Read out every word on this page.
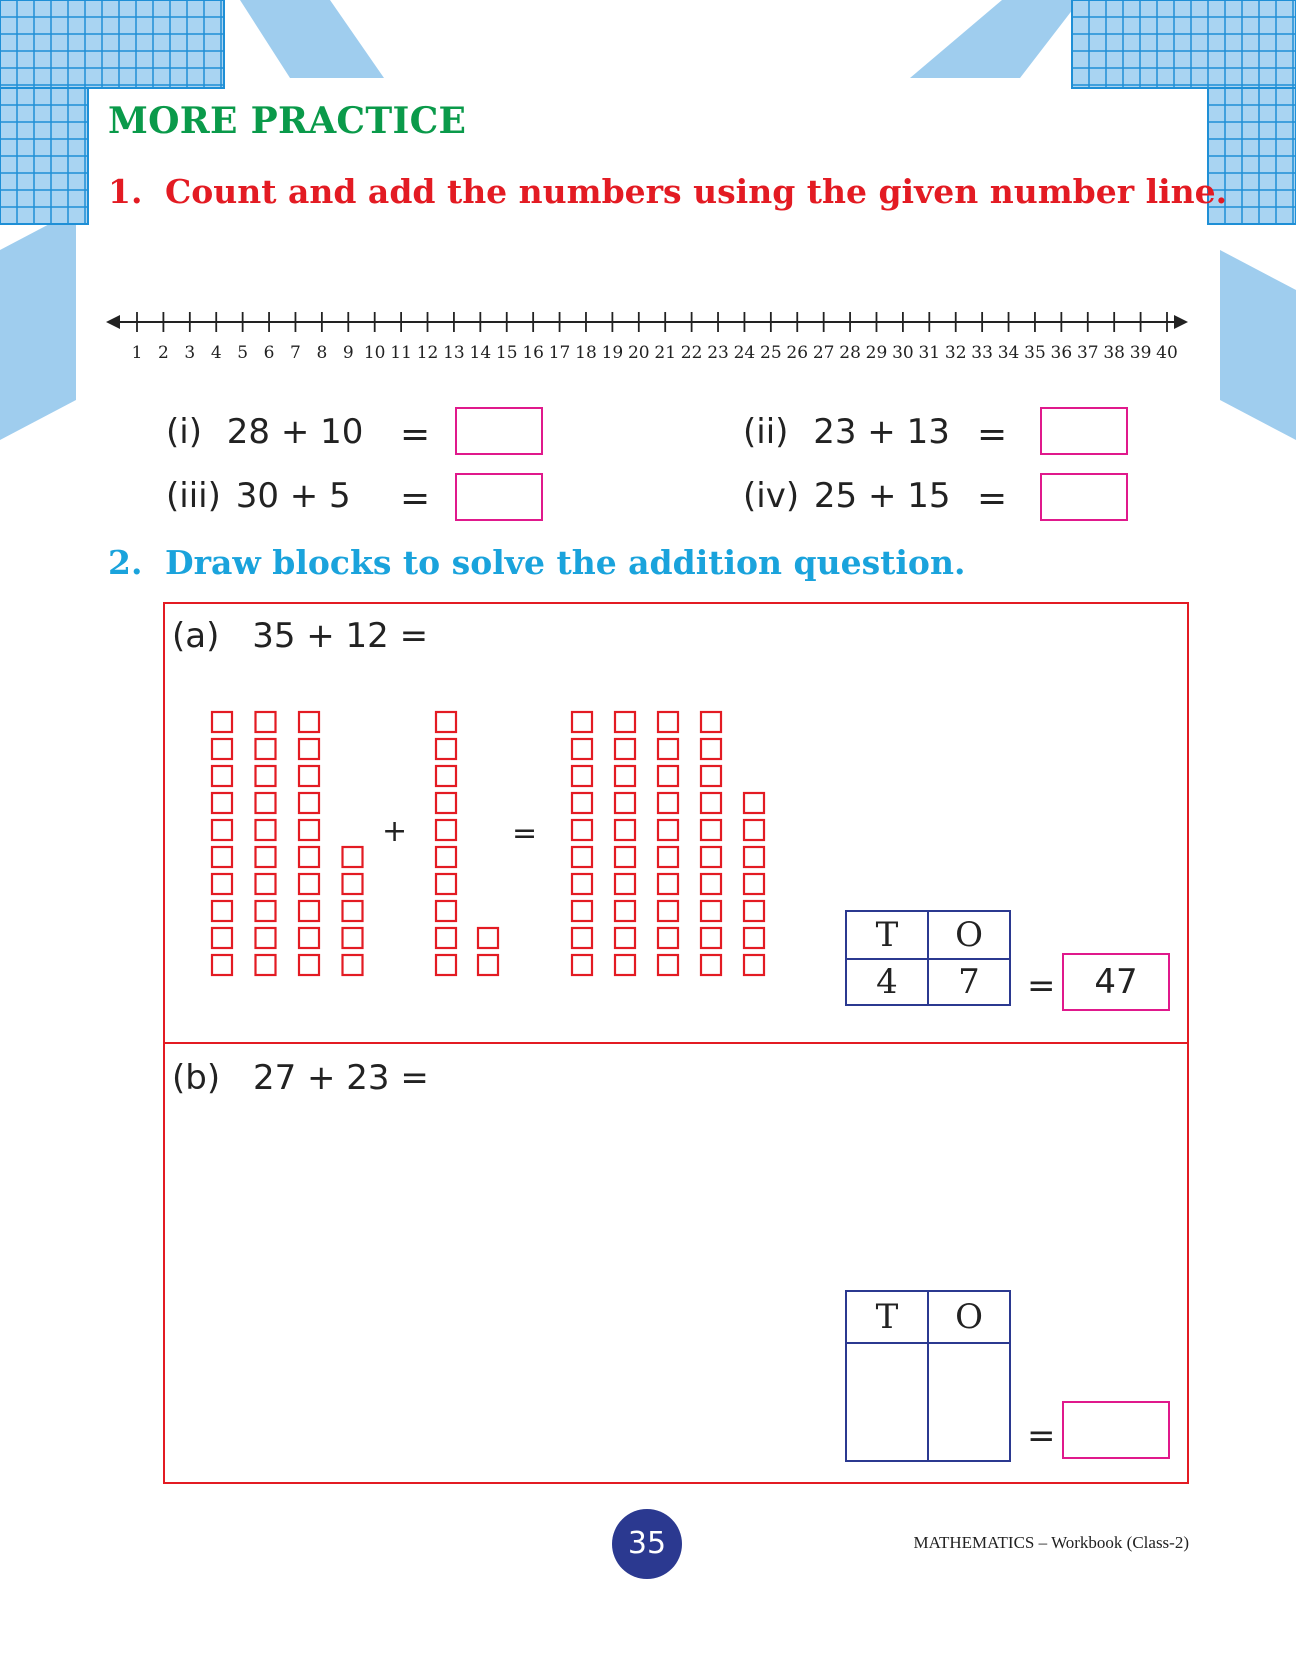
MORE PRACTICE
1. Count and add the numbers using the given number line.
1 2 3 4 5 6 7 8 9 10 11 12 13 14 15 16 17 18 19 20 21 22 23 24 25 26 27 28 29 30 31 32 33 34 35 36 37 38 39 40
(i) 28 + 10 =	(ii) 23 + 13 =
(iii) 30 + 5 =	(iv) 25 + 15 =
2. Draw blocks to solve the addition question.
(a) 35 + 12 =
+	=
T	O
4	7 =	47
(b) 27 + 23 =
T	O

=
35	MATHEMATICS – Workbook (Class-2)
